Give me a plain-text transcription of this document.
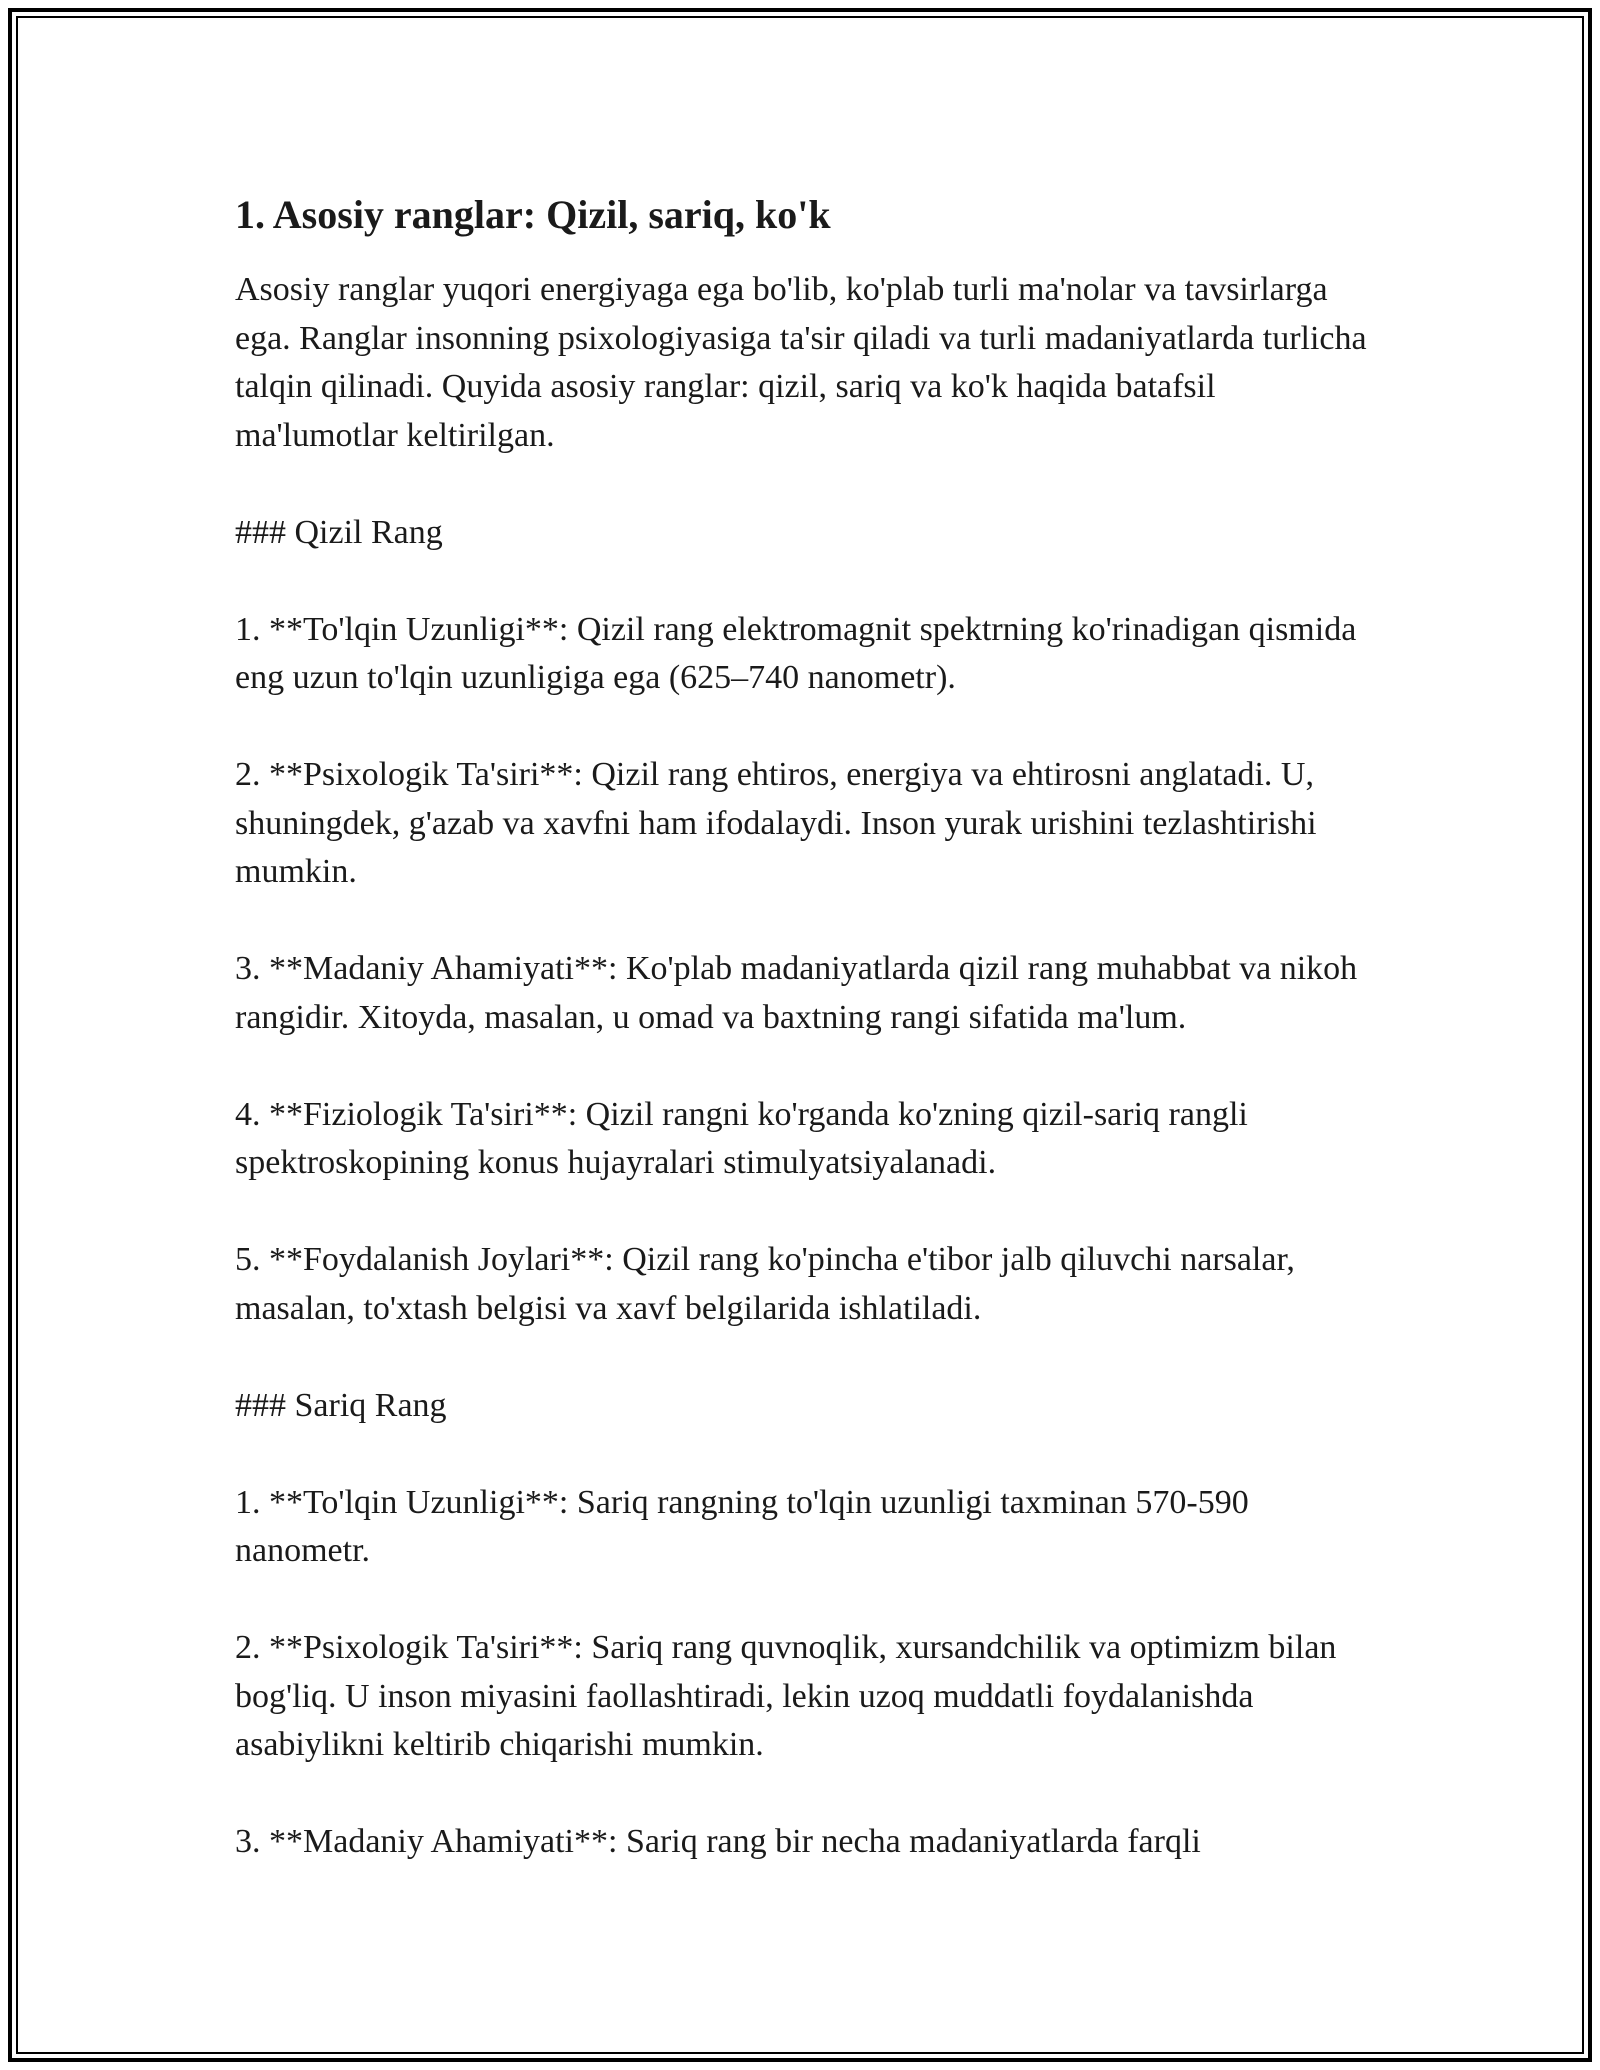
1. Asosiy ranglar: Qizil, sariq, ko'k

Asosiy ranglar yuqori energiyaga ega bo'lib, ko'plab turli ma'nolar va tavsirlarga ega. Ranglar insonning psixologiyasiga ta'sir qiladi va turli madaniyatlarda turlicha talqin qilinadi. Quyida asosiy ranglar: qizil, sariq va ko'k haqida batafsil ma'lumotlar keltirilgan.

### Qizil Rang

1. **To'lqin Uzunligi**: Qizil rang elektromagnit spektrning ko'rinadigan qismida eng uzun to'lqin uzunligiga ega (625–740 nanometr).

2. **Psixologik Ta'siri**: Qizil rang ehtiros, energiya va ehtirosni anglatadi. U, shuningdek, g'azab va xavfni ham ifodalaydi. Inson yurak urishini tezlashtirishi mumkin.

3. **Madaniy Ahamiyati**: Ko'plab madaniyatlarda qizil rang muhabbat va nikoh rangidir. Xitoyda, masalan, u omad va baxtning rangi sifatida ma'lum.

4. **Fiziologik Ta'siri**: Qizil rangni ko'rganda ko'zning qizil-sariq rangli spektroskopining konus hujayralari stimulyatsiyalanadi.

5. **Foydalanish Joylari**: Qizil rang ko'pincha e'tibor jalb qiluvchi narsalar, masalan, to'xtash belgisi va xavf belgilarida ishlatiladi.

### Sariq Rang

1. **To'lqin Uzunligi**: Sariq rangning to'lqin uzunligi taxminan 570-590 nanometr.

2. **Psixologik Ta'siri**: Sariq rang quvnoqlik, xursandchilik va optimizm bilan bog'liq. U inson miyasini faollashtiradi, lekin uzoq muddatli foydalanishda asabiylikni keltirib chiqarishi mumkin.

3. **Madaniy Ahamiyati**: Sariq rang bir necha madaniyatlarda farqli
